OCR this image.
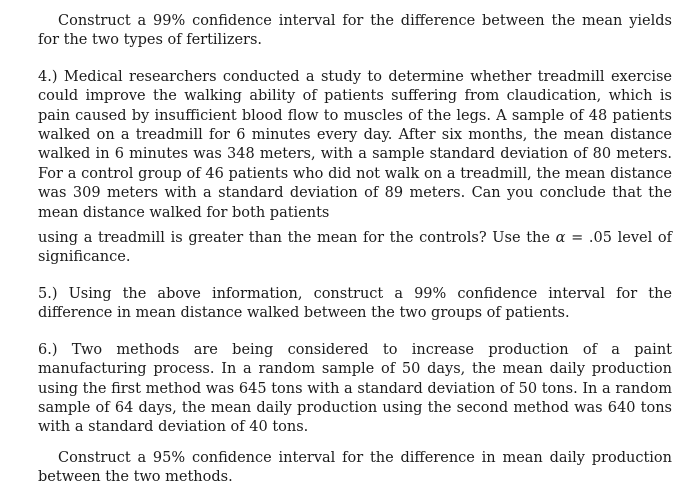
Construct a 99% confidence interval for the difference between the mean yields for the two types of fertilizers.

4.) Medical researchers conducted a study to determine whether treadmill exercise could improve the walking ability of patients suffering from claudication, which is pain caused by insufficient blood flow to muscles of the legs. A sample of 48 patients walked on a treadmill for 6 minutes every day. After six months, the mean distance walked in 6 minutes was 348 meters, with a sample standard deviation of 80 meters. For a control group of 46 patients who did not walk on a treadmill, the mean distance was 309 meters with a standard deviation of 89 meters. Can you conclude that the mean distance walked for both patients

using a treadmill is greater than the mean for the controls? Use the α = .05 level of significance.

5.) Using the above information, construct a 99% confidence interval for the difference in mean distance walked between the two groups of patients.

6.) Two methods are being considered to increase production of a paint manufacturing process. In a random sample of 50 days, the mean daily production using the first method was 645 tons with a standard deviation of 50 tons. In a random sample of 64 days, the mean daily production using the second method was 640 tons with a standard deviation of 40 tons.

Construct a 95% confidence interval for the difference in mean daily production between the two methods.
